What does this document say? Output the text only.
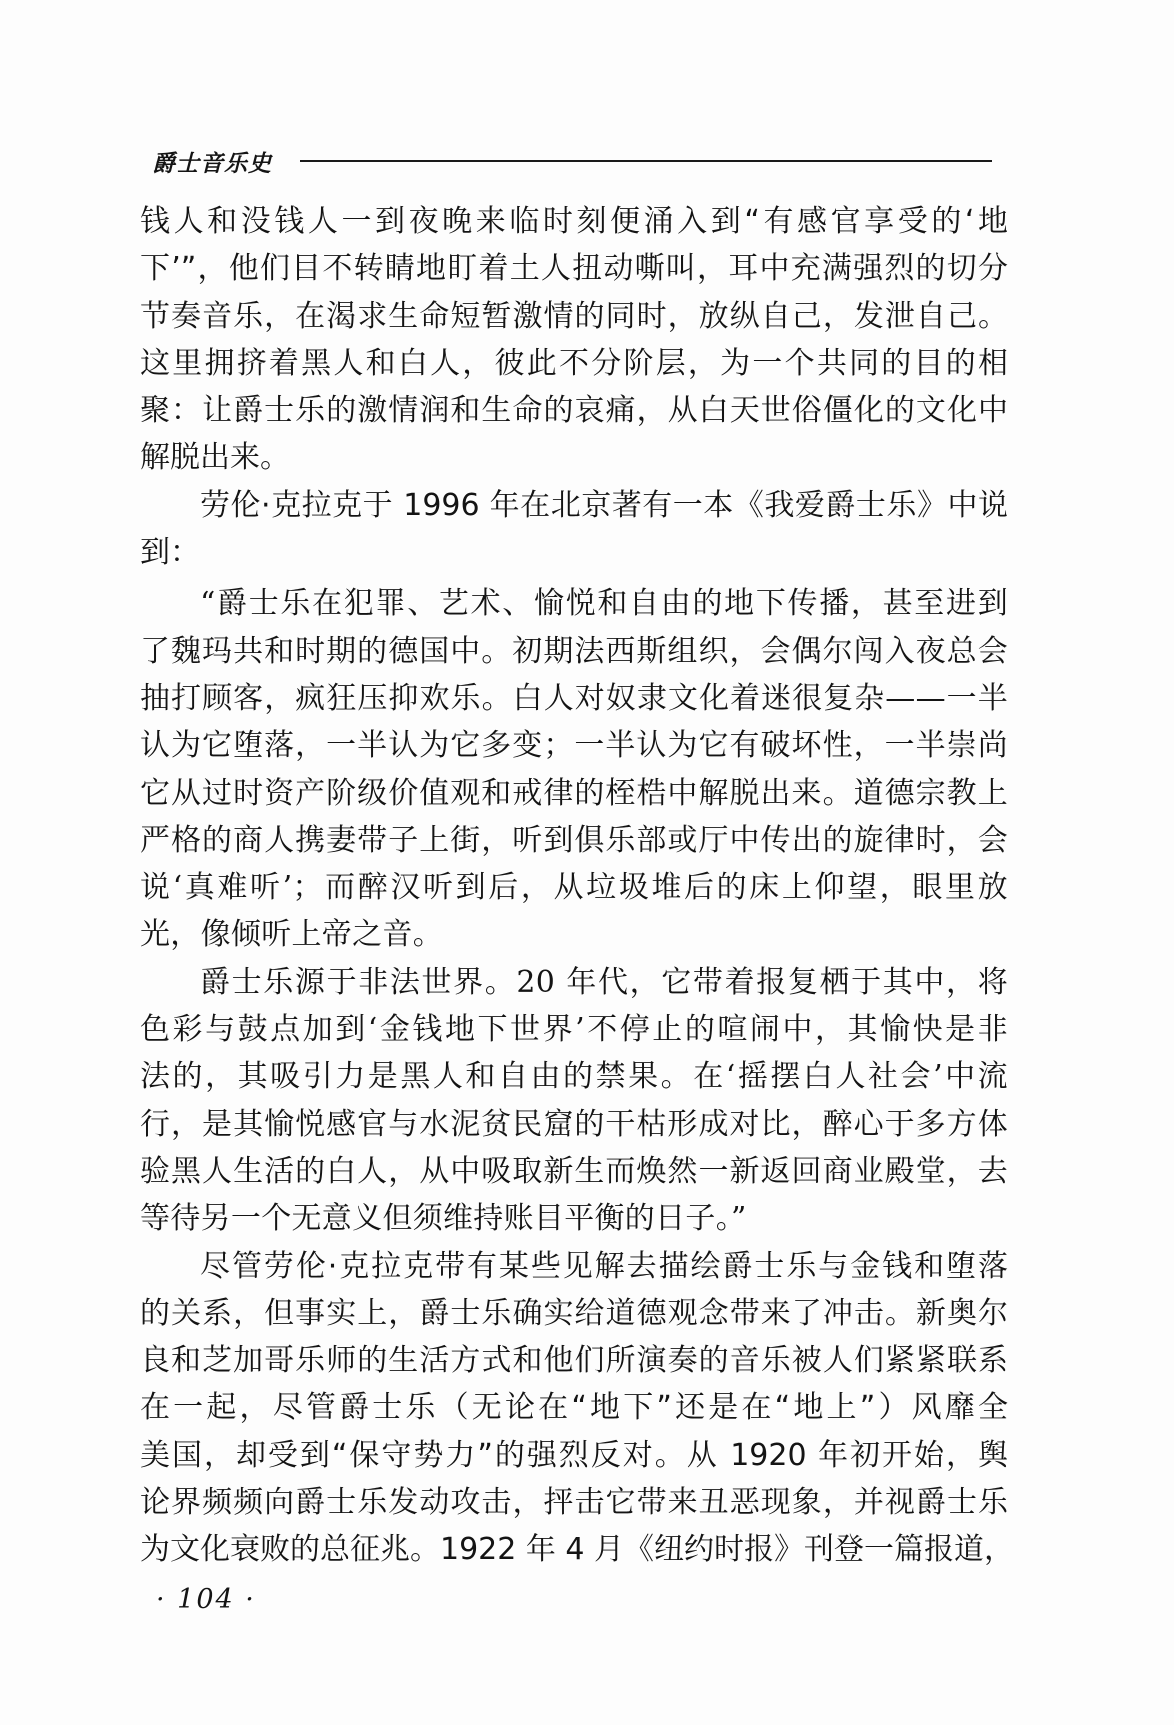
爵士音乐史
钱人和没钱人一到夜晚来临时刻便涌入到“有感官享受的‘地
下’”，他们目不转睛地盯着土人扭动嘶叫，耳中充满强烈的切分
节奏音乐，在渴求生命短暂激情的同时，放纵自己，发泄自己。
这里拥挤着黑人和白人，彼此不分阶层，为一个共同的目的相
聚：让爵士乐的激情润和生命的哀痛，从白天世俗僵化的文化中
解脱出来。
劳伦·克拉克于 1996 年在北京著有一本《我爱爵士乐》中说
到：
“爵士乐在犯罪、艺术、愉悦和自由的地下传播，甚至进到
了魏玛共和时期的德国中。初期法西斯组织，会偶尔闯入夜总会
抽打顾客，疯狂压抑欢乐。白人对奴隶文化着迷很复杂——一半
认为它堕落，一半认为它多变；一半认为它有破坏性，一半崇尚
它从过时资产阶级价值观和戒律的桎梏中解脱出来。道德宗教上
严格的商人携妻带子上街，听到俱乐部或厅中传出的旋律时，会
说‘真难听’；而醉汉听到后，从垃圾堆后的床上仰望，眼里放
光，像倾听上帝之音。
爵士乐源于非法世界。20 年代，它带着报复栖于其中，将
色彩与鼓点加到‘金钱地下世界’不停止的喧闹中，其愉快是非
法的，其吸引力是黑人和自由的禁果。在‘摇摆白人社会’中流
行，是其愉悦感官与水泥贫民窟的干枯形成对比，醉心于多方体
验黑人生活的白人，从中吸取新生而焕然一新返回商业殿堂，去
等待另一个无意义但须维持账目平衡的日子。”
尽管劳伦·克拉克带有某些见解去描绘爵士乐与金钱和堕落
的关系，但事实上，爵士乐确实给道德观念带来了冲击。新奥尔
良和芝加哥乐师的生活方式和他们所演奏的音乐被人们紧紧联系
在一起，尽管爵士乐（无论在“地下”还是在“地上”）风靡全
美国，却受到“保守势力”的强烈反对。从 1920 年初开始，舆
论界频频向爵士乐发动攻击，抨击它带来丑恶现象，并视爵士乐
为文化衰败的总征兆。1922 年 4 月《纽约时报》刊登一篇报道，
· 104 ·
